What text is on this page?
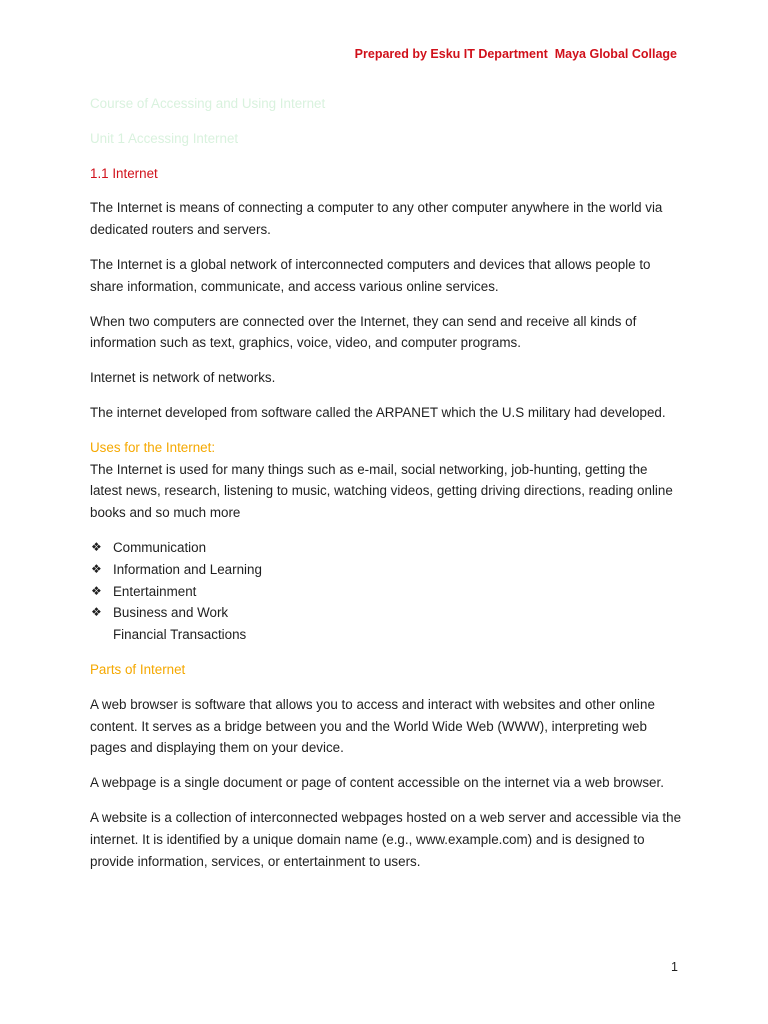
Prepared by Esku IT Department  Maya Global Collage

Course of Accessing and Using Internet

Unit 1 Accessing Internet

1.1 Internet

The Internet is means of connecting a computer to any other computer anywhere in the world via dedicated routers and servers.

The Internet is a global network of interconnected computers and devices that allows people to share information, communicate, and access various online services.

When two computers are connected over the Internet, they can send and receive all kinds of information such as text, graphics, voice, video, and computer programs.

Internet is network of networks.

The internet developed from software called the ARPANET which the U.S military had developed.

Uses for the Internet:

The Internet is used for many things such as e-mail, social networking, job-hunting, getting the latest news, research, listening to music, watching videos, getting driving directions, reading online books and so much more

❖ Communication
❖ Information and Learning
❖ Entertainment
❖ Business and Work
Financial Transactions

Parts of Internet

A web browser is software that allows you to access and interact with websites and other online content. It serves as a bridge between you and the World Wide Web (WWW), interpreting web pages and displaying them on your device.

A webpage is a single document or page of content accessible on the internet via a web browser.

A website is a collection of interconnected webpages hosted on a web server and accessible via the internet. It is identified by a unique domain name (e.g., www.example.com) and is designed to provide information, services, or entertainment to users.

1
